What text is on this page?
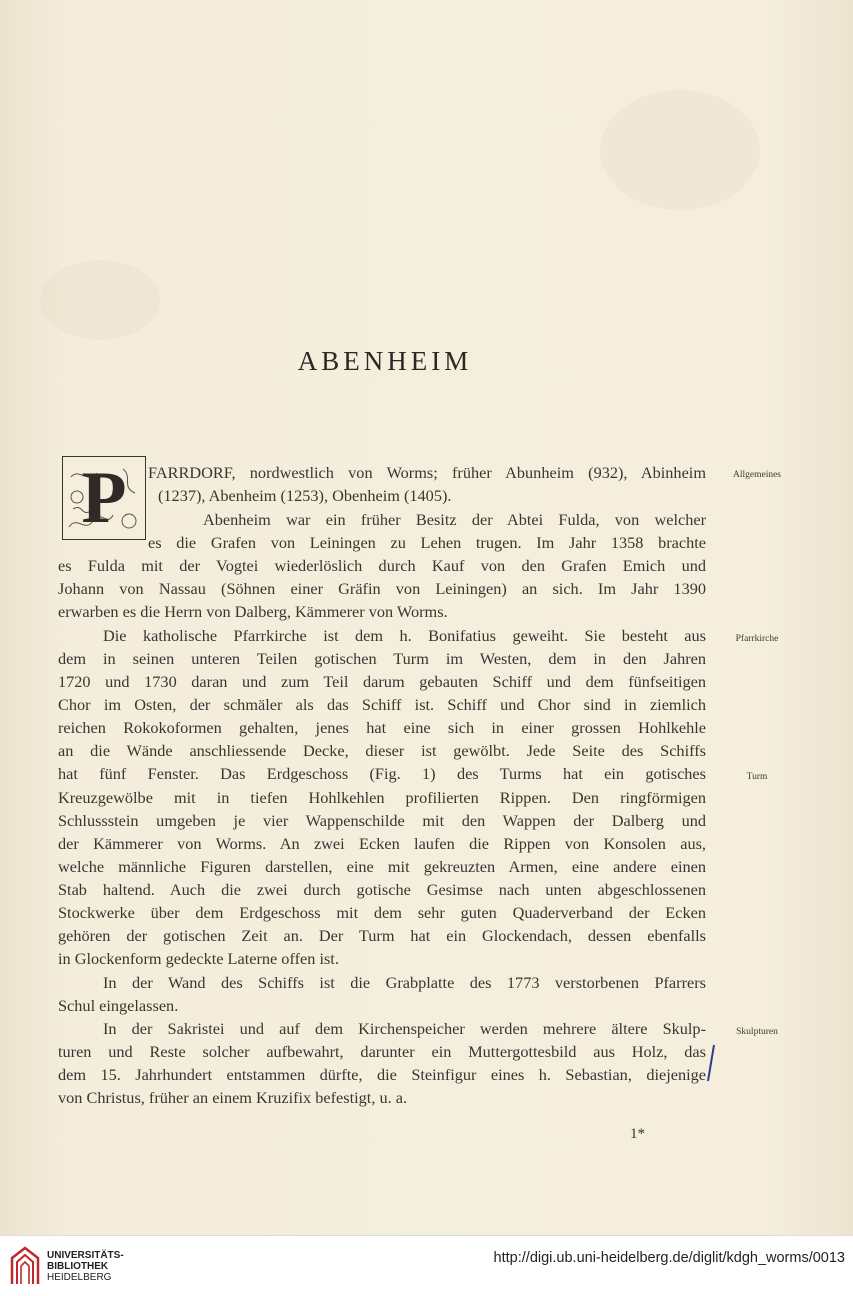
ABENHEIM
P	FARRDORF, nordwestlich von Worms; früher Abunheim (932), Abinheim
(1237), Abenheim (1253), Obenheim (1405).
Abenheim war ein früher Besitz der Abtei Fulda, von welcher
es die Grafen von Leiningen zu Lehen trugen. Im Jahr 1358 brachte
es Fulda mit der Vogtei wiederlöslich durch Kauf von den Grafen Emich und
Johann von Nassau (Söhnen einer Gräfin von Leiningen) an sich. Im Jahr 1390
erwarben es die Herrn von Dalberg, Kämmerer von Worms.
Die katholische Pfarrkirche ist dem h. Bonifatius geweiht. Sie besteht aus
dem in seinen unteren Teilen gotischen Turm im Westen, dem in den Jahren
1720 und 1730 daran und zum Teil darum gebauten Schiff und dem fünfseitigen
Chor im Osten, der schmäler als das Schiff ist. Schiff und Chor sind in ziemlich
reichen Rokokoformen gehalten, jenes hat eine sich in einer grossen Hohlkehle
an die Wände anschliessende Decke, dieser ist gewölbt. Jede Seite des Schiffs
hat fünf Fenster. Das Erdgeschoss (Fig. 1) des Turms hat ein gotisches
Kreuzgewölbe mit in tiefen Hohlkehlen profilierten Rippen. Den ringförmigen
Schlussstein umgeben je vier Wappenschilde mit den Wappen der Dalberg und
der Kämmerer von Worms. An zwei Ecken laufen die Rippen von Konsolen aus,
welche männliche Figuren darstellen, eine mit gekreuzten Armen, eine andere einen
Stab haltend. Auch die zwei durch gotische Gesimse nach unten abgeschlossenen
Stockwerke über dem Erdgeschoss mit dem sehr guten Quaderverband der Ecken
gehören der gotischen Zeit an. Der Turm hat ein Glockendach, dessen ebenfalls
in Glockenform gedeckte Laterne offen ist.
In der Wand des Schiffs ist die Grabplatte des 1773 verstorbenen Pfarrers
Schul eingelassen.
In der Sakristei und auf dem Kirchenspeicher werden mehrere ältere Skulp-
turen und Reste solcher aufbewahrt, darunter ein Muttergottesbild aus Holz, das
dem 15. Jahrhundert entstammen dürfte, die Steinfigur eines h. Sebastian, diejenige
von Christus, früher an einem Kruzifix befestigt, u. a.
Allgemeines
Pfarrkirche
Turm
Skulpturen
1*
UNIVERSITÄTS-
BIBLIOTHEK
HEIDELBERG
http://digi.ub.uni-heidelberg.de/diglit/kdgh_worms/0013
